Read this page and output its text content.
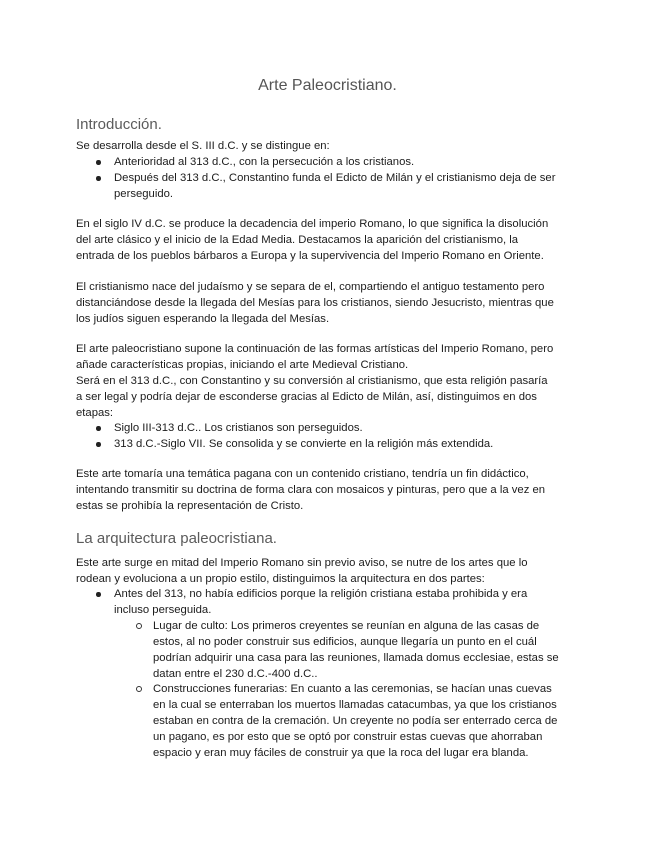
Arte Paleocristiano.
Introducción.
Se desarrolla desde el S. III d.C. y se distingue en:
Anterioridad al 313 d.C., con la persecución a los cristianos.
Después del 313 d.C., Constantino funda el Edicto de Milán y el cristianismo deja de ser
perseguido.
En el siglo IV d.C. se produce la decadencia del imperio Romano, lo que significa la disolución
del arte clásico y el inicio de la Edad Media. Destacamos la aparición del cristianismo, la
entrada de los pueblos bárbaros a Europa y la supervivencia del Imperio Romano en Oriente.
El cristianismo nace del judaísmo y se separa de el, compartiendo el antiguo testamento pero
distanciándose desde la llegada del Mesías para los cristianos, siendo Jesucristo, mientras que
los judíos siguen esperando la llegada del Mesías.
El arte paleocristiano supone la continuación de las formas artísticas del Imperio Romano, pero
añade características propias, iniciando el arte Medieval Cristiano.
Será en el 313 d.C., con Constantino y su conversión al cristianismo, que esta religión pasaría
a ser legal y podría dejar de esconderse gracias al Edicto de Milán, así, distinguimos en dos
etapas:
Siglo III-313 d.C.. Los cristianos son perseguidos.
313 d.C.-Siglo VII. Se consolida y se convierte en la religión más extendida.
Este arte tomaría una temática pagana con un contenido cristiano, tendría un fin didáctico,
intentando transmitir su doctrina de forma clara con mosaicos y pinturas, pero que a la vez en
estas se prohibía la representación de Cristo.
La arquitectura paleocristiana.
Este arte surge en mitad del Imperio Romano sin previo aviso, se nutre de los artes que lo
rodean y evoluciona a un propio estilo, distinguimos la arquitectura en dos partes:
Antes del 313, no había edificios porque la religión cristiana estaba prohibida y era
incluso perseguida.
Lugar de culto: Los primeros creyentes se reunían en alguna de las casas de
estos, al no poder construir sus edificios, aunque llegaría un punto en el cuál
podrían adquirir una casa para las reuniones, llamada domus ecclesiae, estas se
datan entre el 230 d.C.-400 d.C..
Construcciones funerarias: En cuanto a las ceremonias, se hacían unas cuevas
en la cual se enterraban los muertos llamadas catacumbas, ya que los cristianos
estaban en contra de la cremación. Un creyente no podía ser enterrado cerca de
un pagano, es por esto que se optó por construir estas cuevas que ahorraban
espacio y eran muy fáciles de construir ya que la roca del lugar era blanda.
